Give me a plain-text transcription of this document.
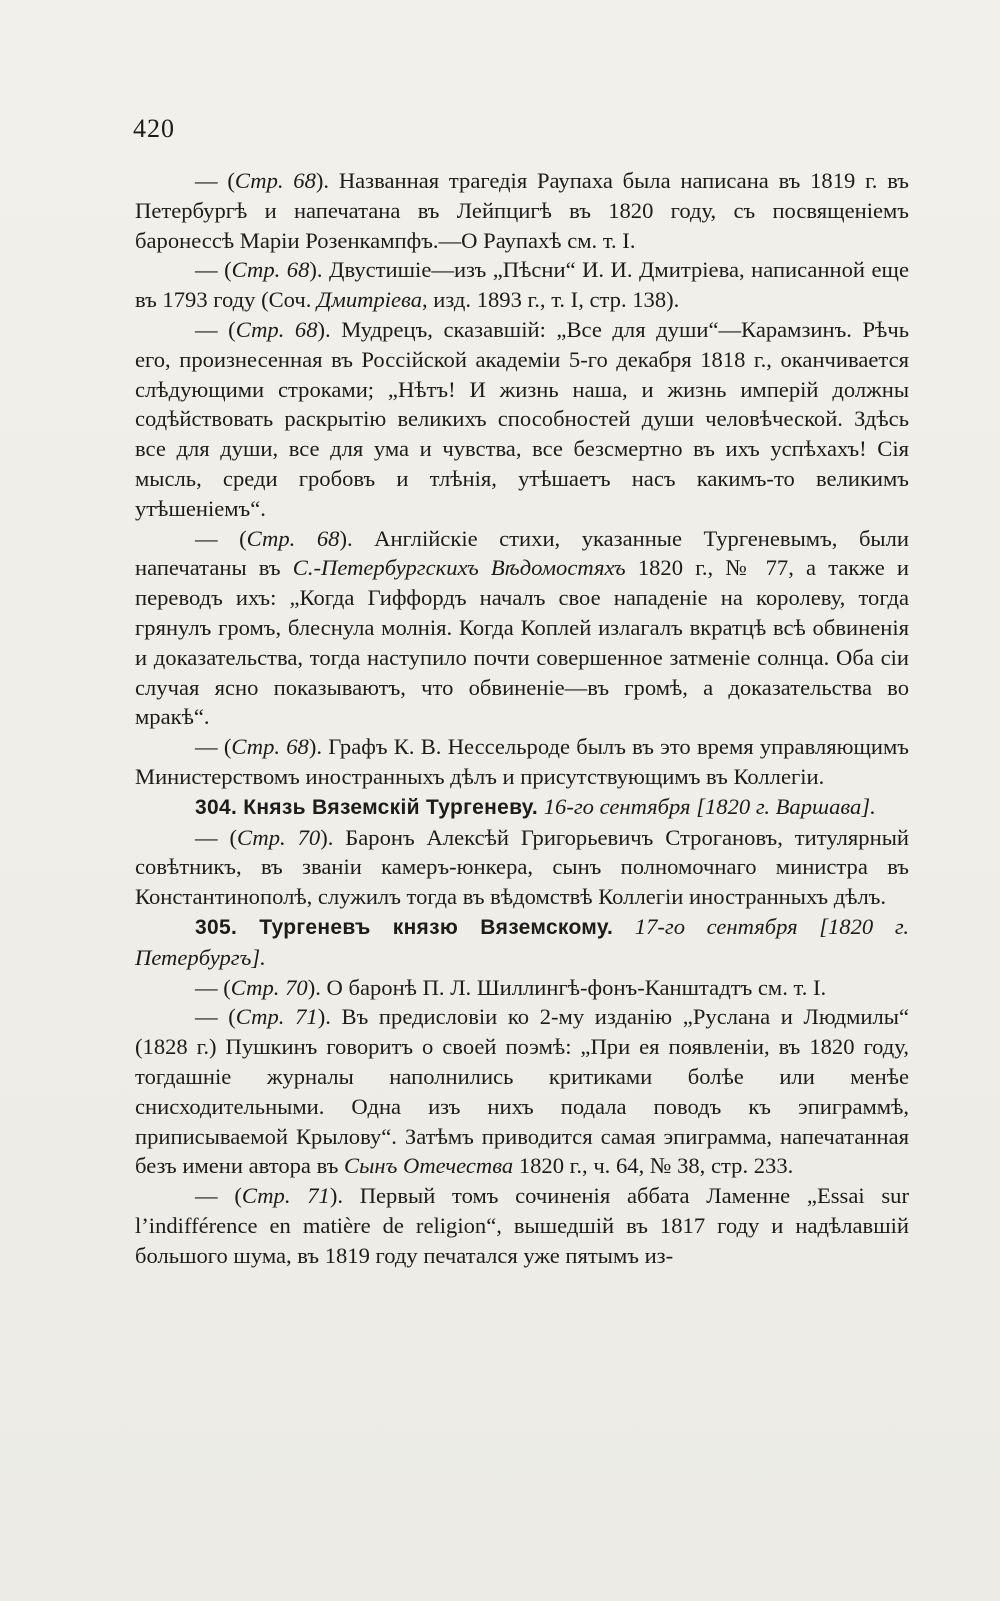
420

— (Стр. 68). Названная трагедія Раупаха была написана въ 1819 г. въ Петербургѣ и напечатана въ Лейпцигѣ въ 1820 году, съ посвященіемъ баронессѣ Маріи Розенкампфъ.—О Раупахѣ см. т. I.

— (Стр. 68). Двустишіе—изъ „Пѣсни“ И. И. Дмитріева, написанной еще въ 1793 году (Соч. Дмитріева, изд. 1893 г., т. I, стр. 138).

— (Стр. 68). Мудрецъ, сказавшій: „Все для души“—Карамзинъ. Рѣчь его, произнесенная въ Россійской академіи 5-го декабря 1818 г., оканчивается слѣдующими строками; „Нѣтъ! И жизнь наша, и жизнь имперій должны содѣйствовать раскрытію великихъ способностей души человѣческой. Здѣсь все для души, все для ума и чувства, все безсмертно въ ихъ успѣхахъ! Сія мысль, среди гробовъ и тлѣнія, утѣшаетъ насъ какимъ-то великимъ утѣшеніемъ“.

— (Стр. 68). Англійскіе стихи, указанные Тургеневымъ, были напечатаны въ С.-Петербургскихъ Вѣдомостяхъ 1820 г., № 77, а также и переводъ ихъ: „Когда Гиффордъ началъ свое нападеніе на королеву, тогда грянулъ громъ, блеснула молнія. Когда Коплей излагалъ вкратцѣ всѣ обвиненія и доказательства, тогда наступило почти совершенное затменіе солнца. Оба сіи случая ясно показываютъ, что обвиненіе—въ громѣ, а доказательства во мракѣ“.

— (Стр. 68). Графъ К. В. Нессельроде былъ въ это время управляющимъ Министерствомъ иностранныхъ дѣлъ и присутствующимъ въ Коллегіи.

304. Князь Вяземскій Тургеневу. 16-го сентября [1820 г. Варшава].

— (Стр. 70). Баронъ Алексѣй Григорьевичъ Строгановъ, титулярный совѣтникъ, въ званіи камеръ-юнкера, сынъ полномочнаго министра въ Константинополѣ, служилъ тогда въ вѣдомствѣ Коллегіи иностранныхъ дѣлъ.

305. Тургеневъ князю Вяземскому. 17-го сентября [1820 г. Петербургъ].

— (Стр. 70). О баронѣ П. Л. Шиллингѣ-фонъ-Канштадтъ см. т. I.

— (Стр. 71). Въ предисловіи ко 2-му изданію „Руслана и Людмилы“ (1828 г.) Пушкинъ говоритъ о своей поэмѣ: „При ея появленіи, въ 1820 году, тогдашніе журналы наполнились критиками болѣе или менѣе снисходительными. Одна изъ нихъ подала поводъ къ эпиграммѣ, приписываемой Крылову“. Затѣмъ приводится самая эпиграмма, напечатанная безъ имени автора въ Сынъ Отечества 1820 г., ч. 64, № 38, стр. 233.

— (Стр. 71). Первый томъ сочиненія аббата Ламенне „Essai sur l’indifférence en matière de religion“, вышедшій въ 1817 году и надѣлавшій большого шума, въ 1819 году печатался уже пятымъ из-
